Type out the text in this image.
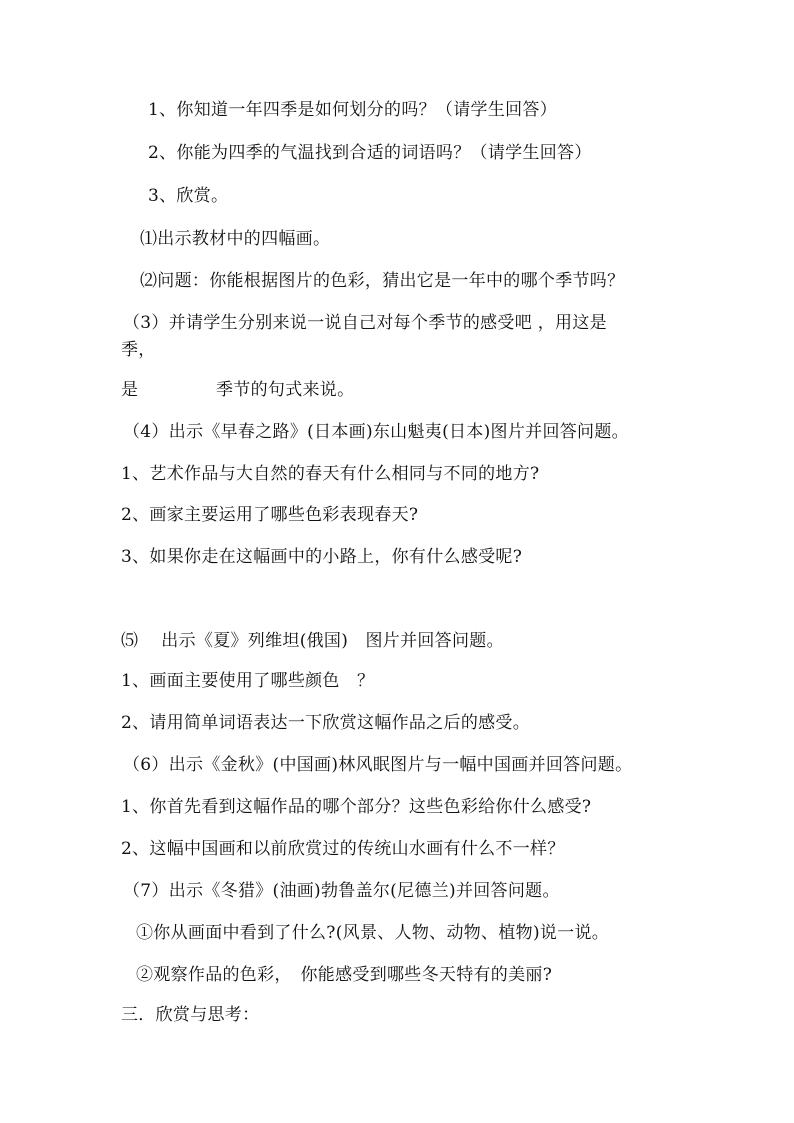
1、你知道一年四季是如何划分的吗？（请学生回答）
2、你能为四季的气温找到合适的词语吗？（请学生回答）
3、欣赏。
⑴出示教材中的四幅画。
⑵问题：你能根据图片的色彩，猜出它是一年中的哪个季节吗？
（3）并请学生分别来说一说自己对每个季节的感受吧 ，用这是
季，
是	季节的句式来说。
（4）出示《早春之路》(日本画)东山魁夷(日本)图片并回答问题。
1、艺术作品与大自然的春天有什么相同与不同的地方?
2、画家主要运用了哪些色彩表现春天?
3、如果你走在这幅画中的小路上，你有什么感受呢?
⑸　 出示《夏》列维坦(俄国)　图片并回答问题。
1、画面主要使用了哪些颜色　？
2、请用简单词语表达一下欣赏这幅作品之后的感受。
（6）出示《金秋》(中国画)林风眠图片与一幅中国画并回答问题。
1、你首先看到这幅作品的哪个部分？这些色彩给你什么感受?
2、这幅中国画和以前欣赏过的传统山水画有什么不一样？
（7）出示《冬猎》(油画)勃鲁盖尔(尼德兰)并回答问题。
①你从画面中看到了什么?(风景、人物、动物、植物)说一说。
②观察作品的色彩，　你能感受到哪些冬天特有的美丽?
三．欣赏与思考：
